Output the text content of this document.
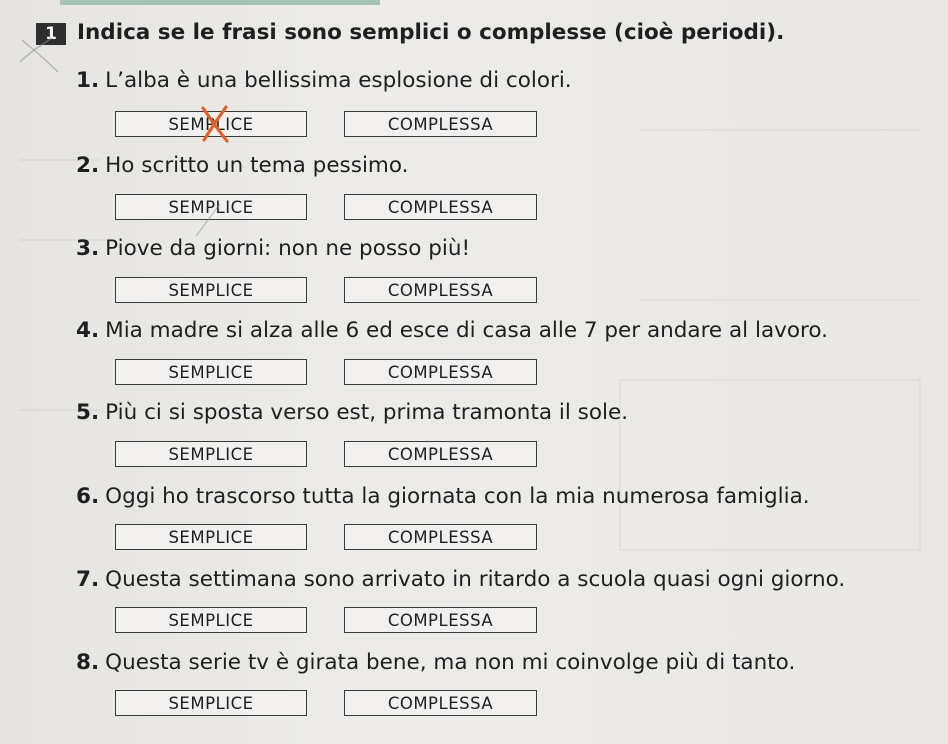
1 Indica se le frasi sono semplici o complesse (cioè periodi).
1. L’alba è una bellissima esplosione di colori.
SEMPLICE	COMPLESSA
2. Ho scritto un tema pessimo.
SEMPLICE	COMPLESSA
3. Piove da giorni: non ne posso più!
SEMPLICE	COMPLESSA
4. Mia madre si alza alle 6 ed esce di casa alle 7 per andare al lavoro.
SEMPLICE	COMPLESSA
5. Più ci si sposta verso est, prima tramonta il sole.
SEMPLICE	COMPLESSA
6. Oggi ho trascorso tutta la giornata con la mia numerosa famiglia.
SEMPLICE	COMPLESSA
7. Questa settimana sono arrivato in ritardo a scuola quasi ogni giorno.
SEMPLICE	COMPLESSA
8. Questa serie tv è girata bene, ma non mi coinvolge più di tanto.
SEMPLICE	COMPLESSA
